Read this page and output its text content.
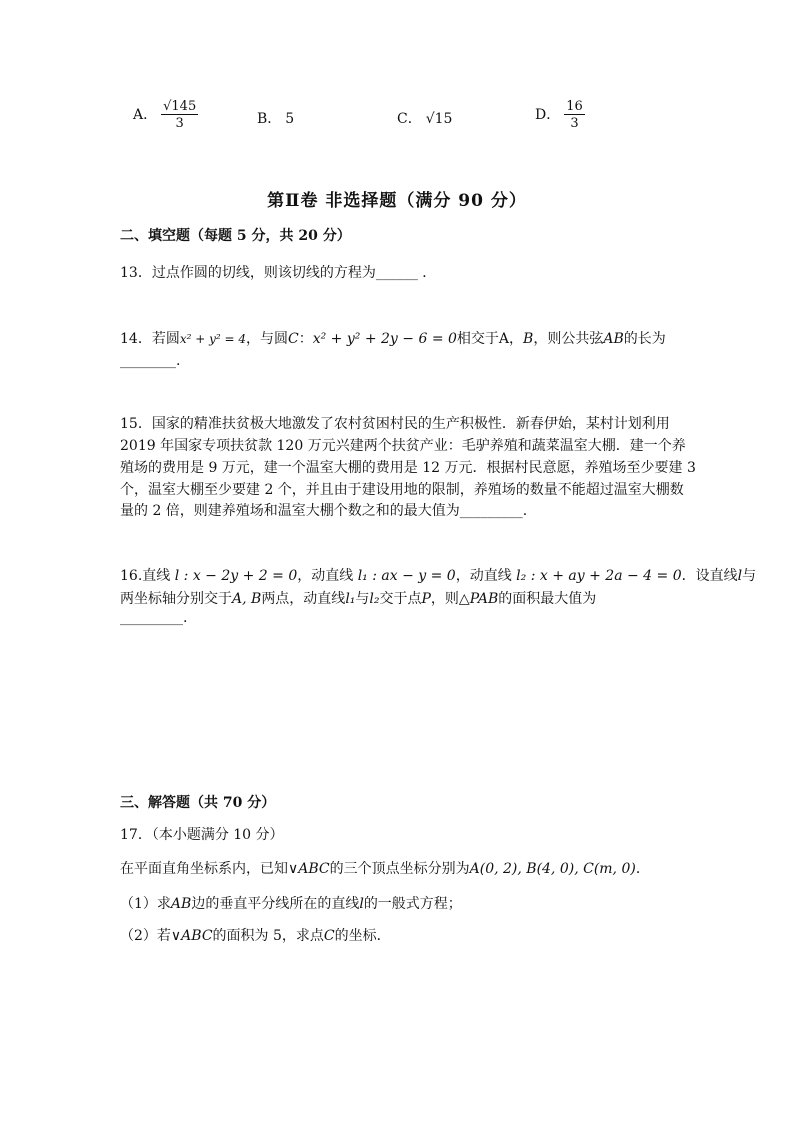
A． $\frac{√145}{3}$	B． 5	C． √15	D． $\frac{16}{3}$
第Ⅱ卷 非选择题（满分 90 分）
二、填空题（每题 5 分，共 20 分）
13．过点作圆的切线，则该切线的方程为______ ．
14．若圆x² + y² = 4，与圆C：x² + y² + 2y − 6 = 0相交于A，B，则公共弦AB的长为
________.
15．国家的精准扶贫极大地激发了农村贫困村民的生产积极性．新春伊始，某村计划利用
2019 年国家专项扶贫款 120 万元兴建两个扶贫产业：毛驴养殖和蔬菜温室大棚．建一个养
殖场的费用是 9 万元，建一个温室大棚的费用是 12 万元．根据村民意愿，养殖场至少要建 3
个，温室大棚至少要建 2 个，并且由于建设用地的限制，养殖场的数量不能超过温室大棚数
量的 2 倍，则建养殖场和温室大棚个数之和的最大值为_________.
16.直线 l : x − 2y + 2 = 0，动直线 l₁ : ax − y = 0，动直线 l₂ : x + ay + 2a − 4 = 0．设直线l与
两坐标轴分别交于A, B两点，动直线l₁与l₂交于点P，则△PAB的面积最大值为
_________.
三、解答题（共 70 分）
17．（本小题满分 10 分）
在平面直角坐标系内，已知∨ABC的三个顶点坐标分别为A(0, 2), B(4, 0), C(m, 0)．
（1）求AB边的垂直平分线所在的直线l的一般式方程；
（2）若∨ABC的面积为 5，求点C的坐标．
